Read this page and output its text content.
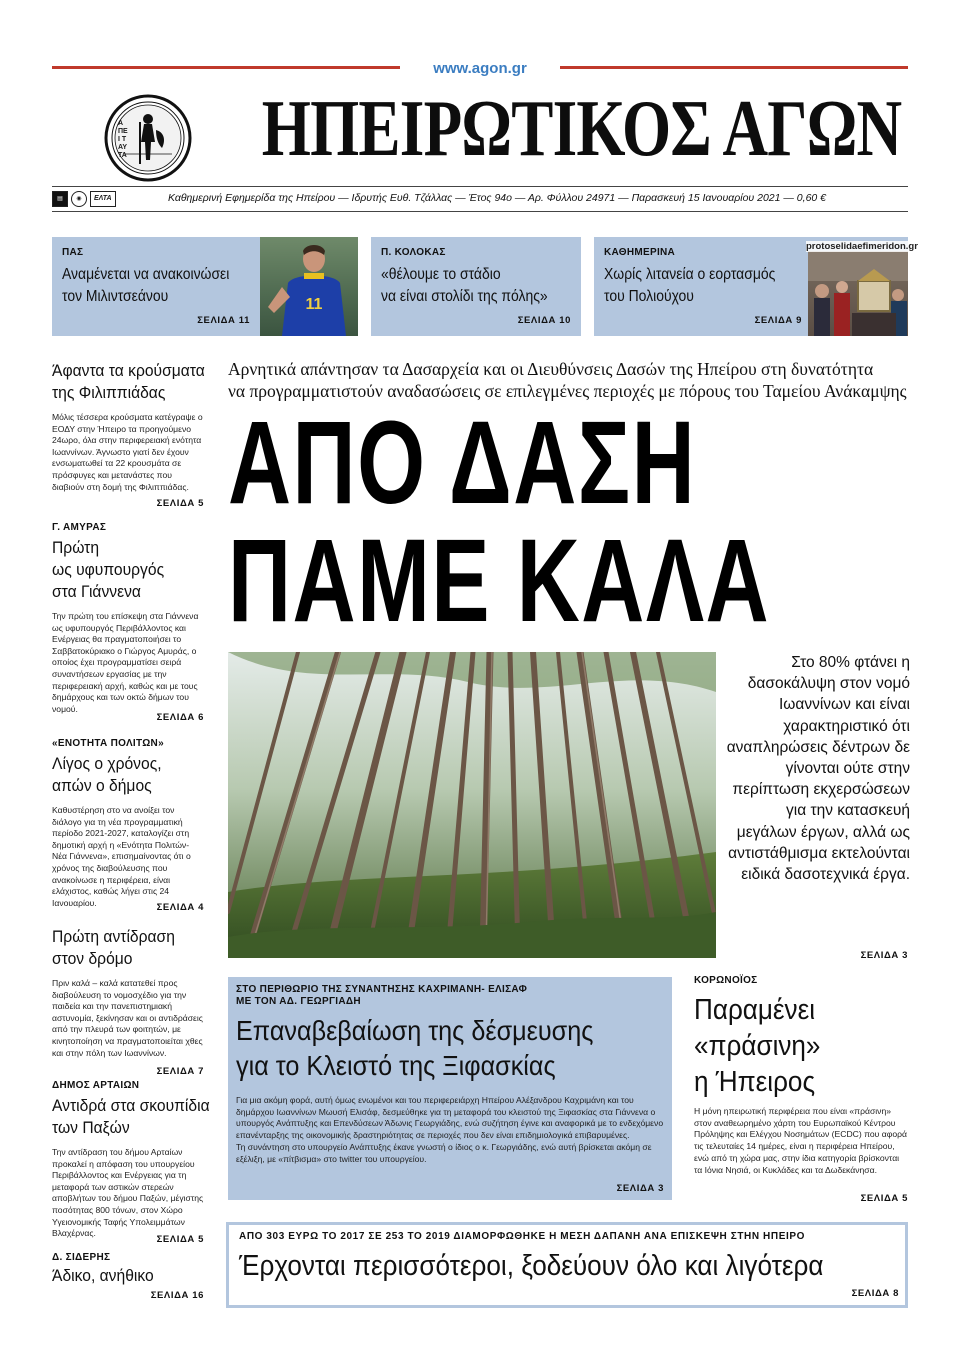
www.agon.gr
ΑΠΕΙ ΤΑΥΤΑ ΗΠΕΙΡΩΤΙΚΟΣ ΑΓΩΝ
▤	◉	ΕΛΤΑ	Καθημερινή Εφημερίδα της Ηπείρου — Ιδρυτής Ευθ. Τζάλλας — Έτος 94ο — Αρ. Φύλλου 24971 — Παρασκευή 15 Ιανουαρίου 2021 — 0,60 €
ΠΑΣ
Αναμένεται να ανακοινώσει
τον Μιλιντσεάνου
ΣΕΛΙΔΑ 11
11
Π. ΚΟΛΟΚΑΣ
«θέλουμε το στάδιο
να είναι στολίδι της πόλης»
ΣΕΛΙΔΑ 10
ΚΑΘΗΜΕΡΙΝΑ
Χωρίς λιτανεία ο εορτασμός
του Πολιούχου
ΣΕΛΙΔΑ 9
protoselidaefimeridon.gr
Άφαντα τα κρούσματα
της Φιλιππιάδας
Μόλις τέσσερα κρούσματα κατέγραψε ο ΕΟΔΥ στην Ήπειρο τα προηγούμενο 24ωρο, όλα στην περιφερειακή ενότητα Ιωαννίνων. Άγνωστο γιατί δεν έχουν ενσωματωθεί τα 22 κρουσμάτα σε πρόσφυγες και μετανάστες που διαβιούν στη δομή της Φιλιππιάδας.
ΣΕΛΙΔΑ 5
Γ. ΑΜΥΡΑΣ
Πρώτη
ως υφυπουργός
στα Γιάννενα
Την πρώτη του επίσκεψη στα Γιάννενα ως υφυπουργός Περιβάλλοντος και Ενέργειας θα πραγματοποιήσει το Σαββατοκύριακο ο Γιώργος Αμυράς, ο οποίος έχει προγραμματίσει σειρά συναντήσεων εργασίας με την περιφερειακή αρχή, καθώς και με τους δημάρχους και των οκτώ δήμων του νομού.
ΣΕΛΙΔΑ 6
«ΕΝΟΤΗΤΑ ΠΟΛΙΤΩΝ»
Λίγος ο χρόνος,
απών ο δήμος
Καθυστέρηση στο να ανοίξει τον διάλογο για τη νέα προγραμματική περίοδο 2021-2027, καταλογίζει στη δημοτική αρχή η «Ενότητα Πολιτών- Νέα Γιάννενα», επισημαίνοντας ότι ο χρόνος της διαβούλευσης που ανακοίνωσε η περιφέρεια, είναι ελάχιστος, καθώς λήγει στις 24 Ιανουαρίου.	ΣΕΛΙΔΑ 4
Πρώτη αντίδραση
στον δρόμο
Πριν καλά – καλά κατατεθεί προς διαβούλευση το νομοσχέδιο για την παιδεία και την πανεπιστημιακή αστυνομία, ξεκίνησαν και οι αντιδράσεις από την πλευρά των φοιτητών, με κινητοποίηση να πραγματοποιείται χθες και στην πόλη των Ιωαννίνων.
ΣΕΛΙΔΑ 7
ΔΗΜΟΣ ΑΡΤΑΙΩΝ
Αντιδρά στα σκουπίδια
των Παξών
Την αντίδραση του δήμου Αρταίων προκαλεί η απόφαση του υπουργείου Περιβάλλοντος και Ενέργειας για τη μεταφορά των αστικών στερεών αποβλήτων του δήμου Παξών, μέγιστης ποσότητας 800 τόνων, στον Χώρο Υγειονομικής Ταφής Υπολειμμάτων Βλαχέρνας.
ΣΕΛΙΔΑ 5
Δ. ΣΙΔΕΡΗΣ
Άδικο, ανήθικο
ΣΕΛΙΔΑ 16
Αρνητικά απάντησαν τα Δασαρχεία και οι Διευθύνσεις Δασών της Ηπείρου στη δυνατότητα
να προγραμματιστούν αναδασώσεις σε επιλεγμένες περιοχές με πόρους του Ταμείου Ανάκαμψης
ΑΠΟ ΔΑΣΗ
ΠΑΜΕ ΚΑΛΑ
Στο 80% φτάνει η δασοκάλυψη στον νομό Ιωαννίνων και είναι χαρακτηριστικό ότι αναπληρώσεις δέντρων δε γίνονται ούτε στην περίπτωση εκχερσώσεων για την κατασκευή μεγάλων έργων, αλλά ως αντιστάθμισμα εκτελούνται ειδικά δασοτεχνικά έργα.
ΣΕΛΙΔΑ 3
ΣΤΟ ΠΕΡΙΘΩΡΙΟ ΤΗΣ ΣΥΝΑΝΤΗΣΗΣ ΚΑΧΡΙΜΑΝΗ- ΕΛΙΣΑΦ
ΜΕ ΤΟΝ ΑΔ. ΓΕΩΡΓΙΑΔΗ
Επαναβεβαίωση της δέσμευσης
για το Κλειστό της Ξιφασκίας
Για μια ακόμη φορά, αυτή όμως ενωμένοι και του περιφερειάρχη Ηπείρου Αλέξανδρου Καχριμάνη και του δημάρχου Ιωαννίνων Μωυσή Ελισάφ, δεσμεύθηκε για τη μεταφορά του κλειστού της Ξιφασκίας στα Γιάννενα ο υπουργός Ανάπτυξης και Επενδύσεων Άδωνις Γεωργιάδης, ενώ συζήτηση έγινε και αναφορικά με το ενδεχόμενο επανένταρξης της οικονομικής δραστηριότητας σε περιοχές που δεν είναι επιδημιολογικά επιβαρυμένες.
Τη συνάντηση στο υπουργείο Ανάπτυξης έκανε γνωστή ο ίδιος ο κ. Γεωργιάδης, ενώ αυτή βρίσκεται ακόμη σε εξέλιξη, με «πίτβισμα» στο twitter του υπουργείου.
ΣΕΛΙΔΑ 3
ΚΟΡΩΝΟΪΟΣ
Παραμένει
«πράσινη»
η Ήπειρος
Η μόνη ηπειρωτική περιφέρεια που είναι «πράσινη» στον αναθεωρημένο χάρτη του Ευρωπαϊκού Κέντρου Πρόληψης και Ελέγχου Νοσημάτων (ECDC) που αφορά τις τελευταίες 14 ημέρες, είναι η περιφέρεια Ηπείρου, ενώ από τη χώρα μας, στην ίδια κατηγορία βρίσκονται τα Ιόνια Νησιά, οι Κυκλάδες και τα Δωδεκάνησα.
ΣΕΛΙΔΑ 5
ΑΠΟ 303 ΕΥΡΩ ΤΟ 2017 ΣΕ 253 ΤΟ 2019 ΔΙΑΜΟΡΦΩΘΗΚΕ Η ΜΕΣΗ ΔΑΠΑΝΗ ΑΝΑ ΕΠΙΣΚΕΨΗ ΣΤΗΝ ΗΠΕΙΡΟ
Έρχονται περισσότεροι, ξοδεύουν όλο και λιγότερα
ΣΕΛΙΔΑ 8
